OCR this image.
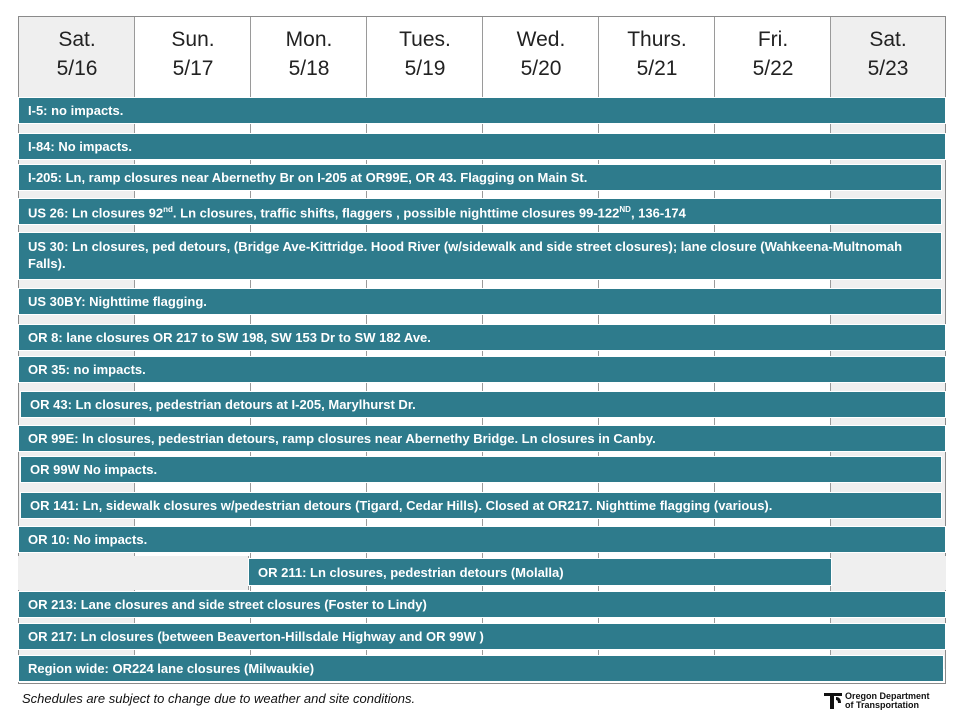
Sat.
5/16
Sun.
5/17
Mon.
5/18
Tues.
5/19
Wed.
5/20
Thurs.
5/21
Fri.
5/22
Sat.
5/23
I-5: no impacts.
I-84: No impacts.
I-205: Ln, ramp closures near Abernethy Br on I-205 at OR99E, OR 43. Flagging on Main St.
US 26: Ln closures 92nd. Ln closures, traffic shifts, flaggers , possible nighttime closures 99-122ND, 136-174
US 30: Ln closures, ped detours, (Bridge Ave-Kittridge. Hood River (w/sidewalk and side street closures); lane closure (Wahkeena-Multnomah Falls).
US 30BY: Nighttime flagging.
OR 8: lane closures OR 217 to SW 198, SW 153 Dr to SW 182 Ave.
OR 35: no impacts.
OR 43: Ln closures, pedestrian detours at I-205, Marylhurst Dr.
OR 99E: ln closures, pedestrian detours, ramp closures near Abernethy Bridge. Ln closures in Canby.
OR 99W No impacts.
OR 141: Ln, sidewalk closures w/pedestrian detours (Tigard, Cedar Hills). Closed at OR217. Nighttime flagging (various).
OR 10: No impacts.
OR 211: Ln closures, pedestrian detours (Molalla)
OR 213: Lane closures and side street closures (Foster to Lindy)
OR 217: Ln closures (between Beaverton-Hillsdale Highway and OR 99W )
Region wide: OR224 lane closures (Milwaukie)
Schedules are subject to change due to weather and site conditions.	Oregon Department
of Transportation
